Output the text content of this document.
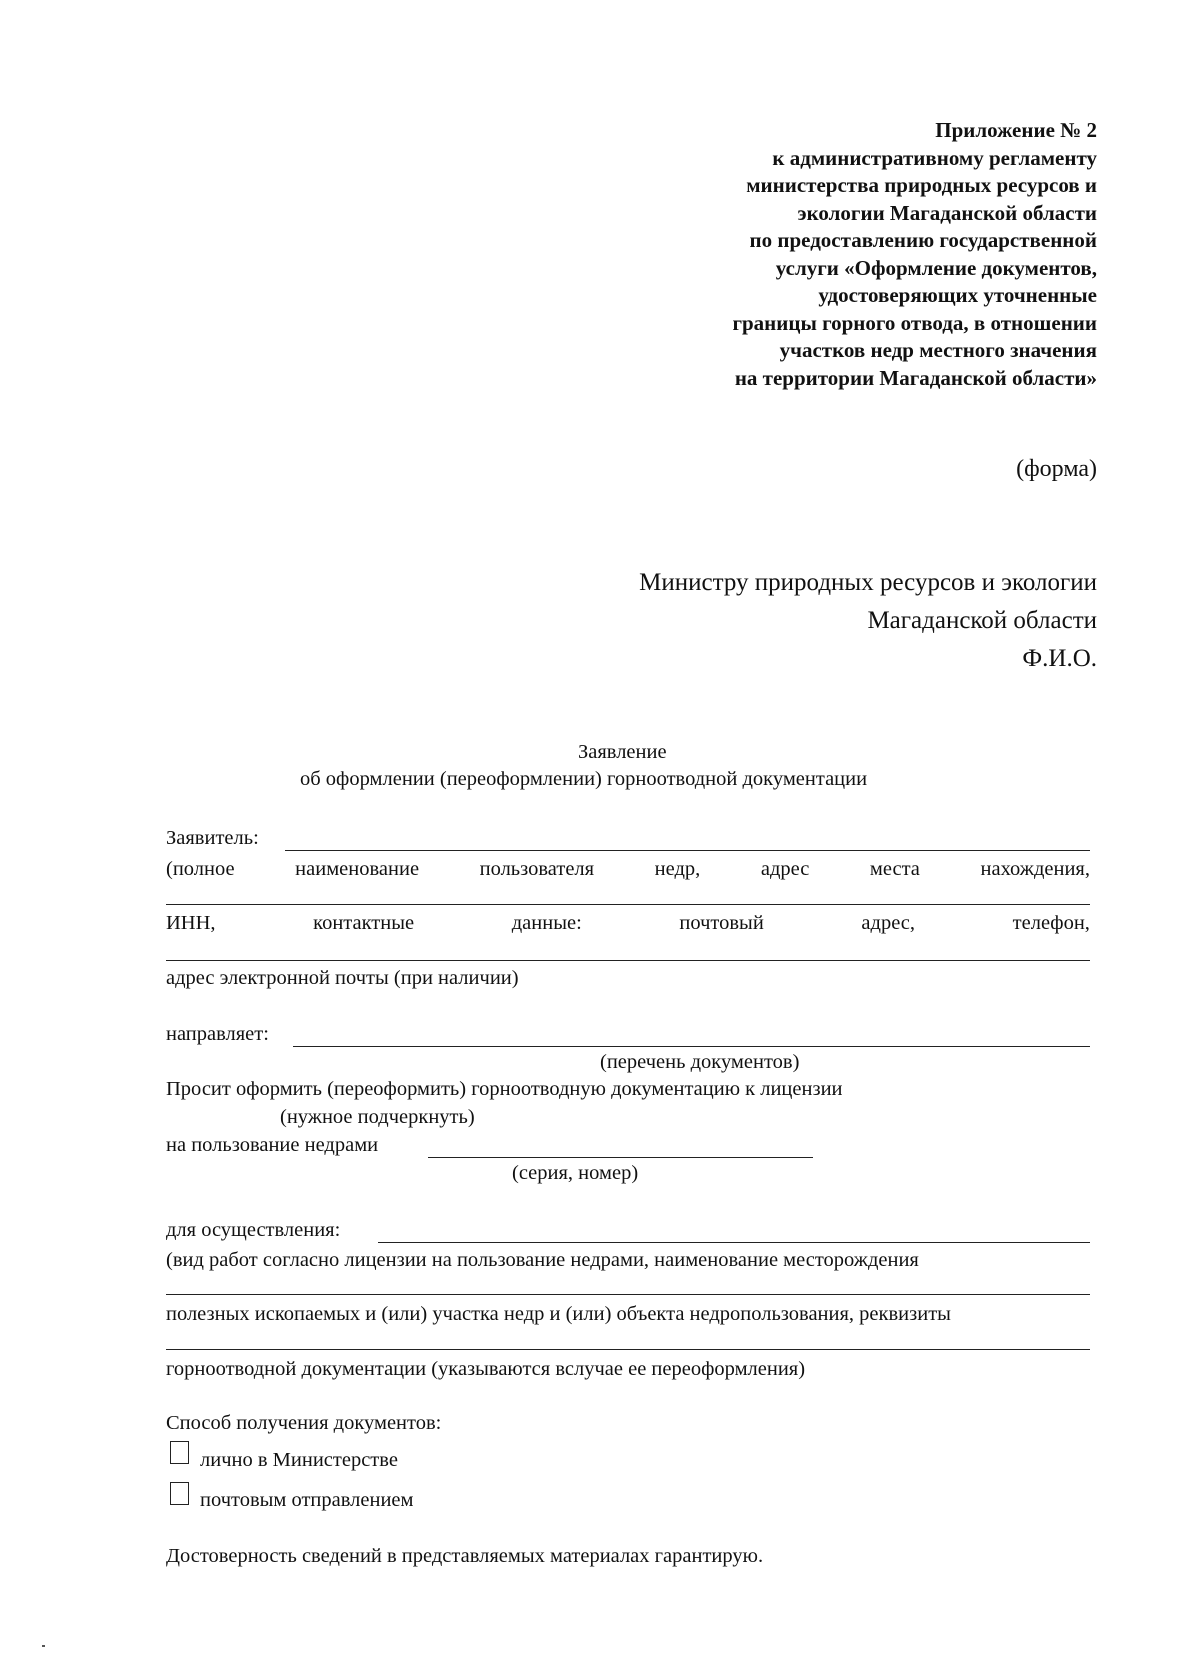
Приложение № 2
к административному регламенту
министерства природных ресурсов и
экологии Магаданской области
по предоставлению государственной
услуги «Оформление документов,
удостоверяющих уточненные
границы горного отвода, в отношении
участков недр местного значения
на территории Магаданской области»
(форма)
Министру природных ресурсов и экологии
Магаданской области
Ф.И.О.
Заявление
об оформлении (переоформлении) горноотводной документации
Заявитель:
(полное	наименование	пользователя	недр,	адрес	места	нахождения,
ИНН,	контактные	данные:	почтовый	адрес,	телефон,
адрес электронной почты (при наличии)
направляет:
(перечень документов)
Просит оформить (переоформить) горноотводную документацию к лицензии
(нужное подчеркнуть)
на пользование недрами
(серия, номер)
для осуществления:
(вид работ согласно лицензии на пользование недрами, наименование месторождения
полезных ископаемых и (или) участка недр и (или) объекта недропользования, реквизиты
горноотводной документации (указываются вслучае ее переоформления)
Способ получения документов:
лично в Министерстве
почтовым отправлением
Достоверность сведений в представляемых материалах гарантирую.
